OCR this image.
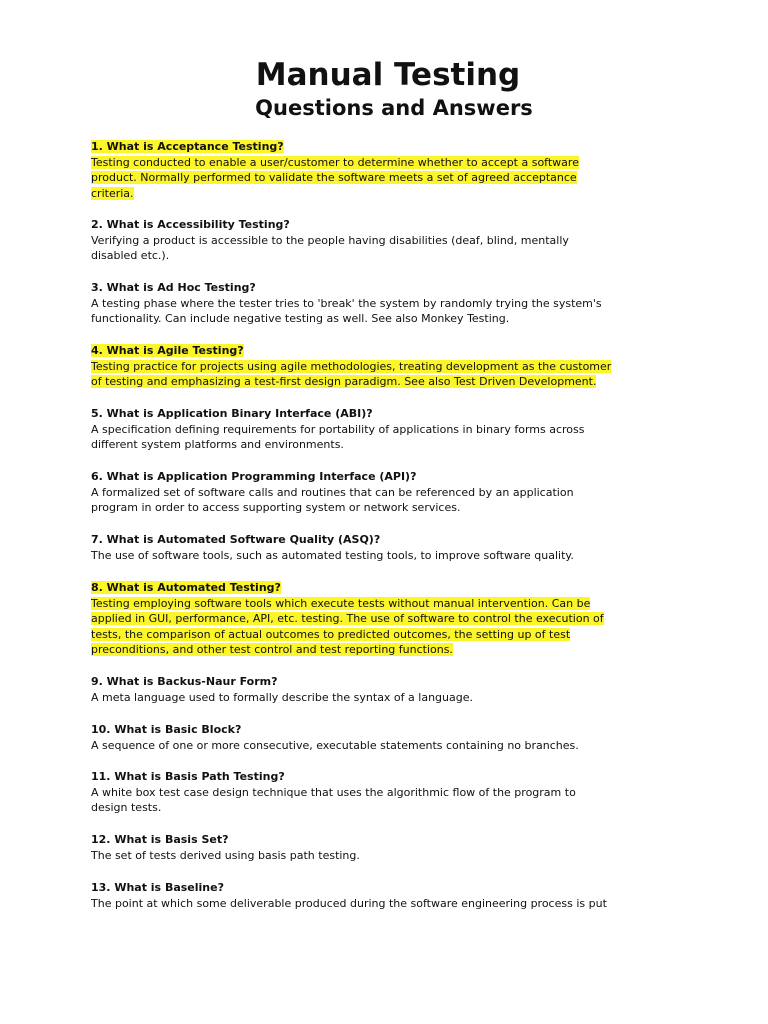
Manual Testing
Questions and Answers
1. What is Acceptance Testing?
Testing conducted to enable a user/customer to determine whether to accept a software
product. Normally performed to validate the software meets a set of agreed acceptance
criteria.
2. What is Accessibility Testing?
Verifying a product is accessible to the people having disabilities (deaf, blind, mentally
disabled etc.).
3. What is Ad Hoc Testing?
A testing phase where the tester tries to 'break' the system by randomly trying the system's
functionality. Can include negative testing as well. See also Monkey Testing.
4. What is Agile Testing?
Testing practice for projects using agile methodologies, treating development as the customer
of testing and emphasizing a test-first design paradigm. See also Test Driven Development.
5. What is Application Binary Interface (ABI)?
A specification defining requirements for portability of applications in binary forms across
different system platforms and environments.
6. What is Application Programming Interface (API)?
A formalized set of software calls and routines that can be referenced by an application
program in order to access supporting system or network services.
7. What is Automated Software Quality (ASQ)?
The use of software tools, such as automated testing tools, to improve software quality.
8. What is Automated Testing?
Testing employing software tools which execute tests without manual intervention. Can be
applied in GUI, performance, API, etc. testing. The use of software to control the execution of
tests, the comparison of actual outcomes to predicted outcomes, the setting up of test
preconditions, and other test control and test reporting functions.
9. What is Backus-Naur Form?
A meta language used to formally describe the syntax of a language.
10. What is Basic Block?
A sequence of one or more consecutive, executable statements containing no branches.
11. What is Basis Path Testing?
A white box test case design technique that uses the algorithmic flow of the program to
design tests.
12. What is Basis Set?
The set of tests derived using basis path testing.
13. What is Baseline?
The point at which some deliverable produced during the software engineering process is put
